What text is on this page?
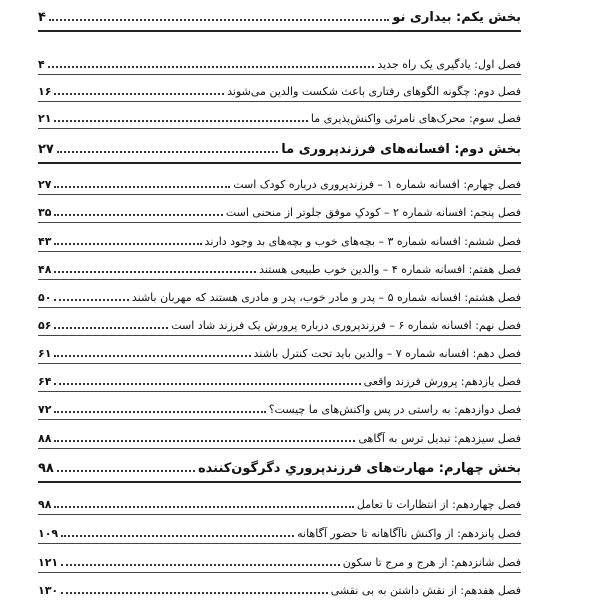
بخش یکم: بیداری نو
۴
فصل اول: یادگیری یک راه جدید
۴
فصل دوم: چگونه الگوهای رفتاری باعث شکست والدین می‌شوند
۱۶
فصل سوم: محرک‌های نامرئی واکنش‌پذیری ما
۲۱
بخش دوم: افسانه‌های فرزندپروری ما
۲۷
فصل چهارم: افسانه شماره ۱ – فرزندپروری درباره کودک است
۲۷
فصل پنجم: افسانه شماره ۲ – کودکِ موفق جلوتر از منحنی است
۳۵
فصل ششم: افسانه شماره ۳ – بچه‌های خوب و بچه‌های بد وجود دارند
۴۳
فصل هفتم: افسانه شماره ۴ – والدین خوب طبیعی هستند
۴۸
فصل هشتم: افسانه شماره ۵ – پدر و مادر خوب، پدر و مادری هستند که مهربان باشند
۵۰
فصل نهم: افسانه شماره ۶ – فرزندپروری درباره پرورش یک فرزند شاد است
۵۶
فصل دهم: افسانه شماره ۷ – والدین باید تحت کنترل باشند
۶۱
فصل یازدهم: پرورش فرزند واقعی
۶۴
فصل دوازدهم: به راستی در پس واکنش‌های ما چیست؟
۷۲
فصل سیزدهم: تبدیل ترس به آگاهی
۸۸
بخش چهارم: مهارت‌های فرزندپروریِ دگرگون‌کننده
۹۸
فصل چهاردهم: از انتظارات تا تعامل
۹۸
فصل پانزدهم: از واکنش ناآگاهانه تا حضور آگاهانه
۱۰۹
فصل شانزدهم: از هرج و مرج تا سکون
۱۲۱
فصل هفدهم: از نقش داشتن به بی نقشی
۱۳۰
